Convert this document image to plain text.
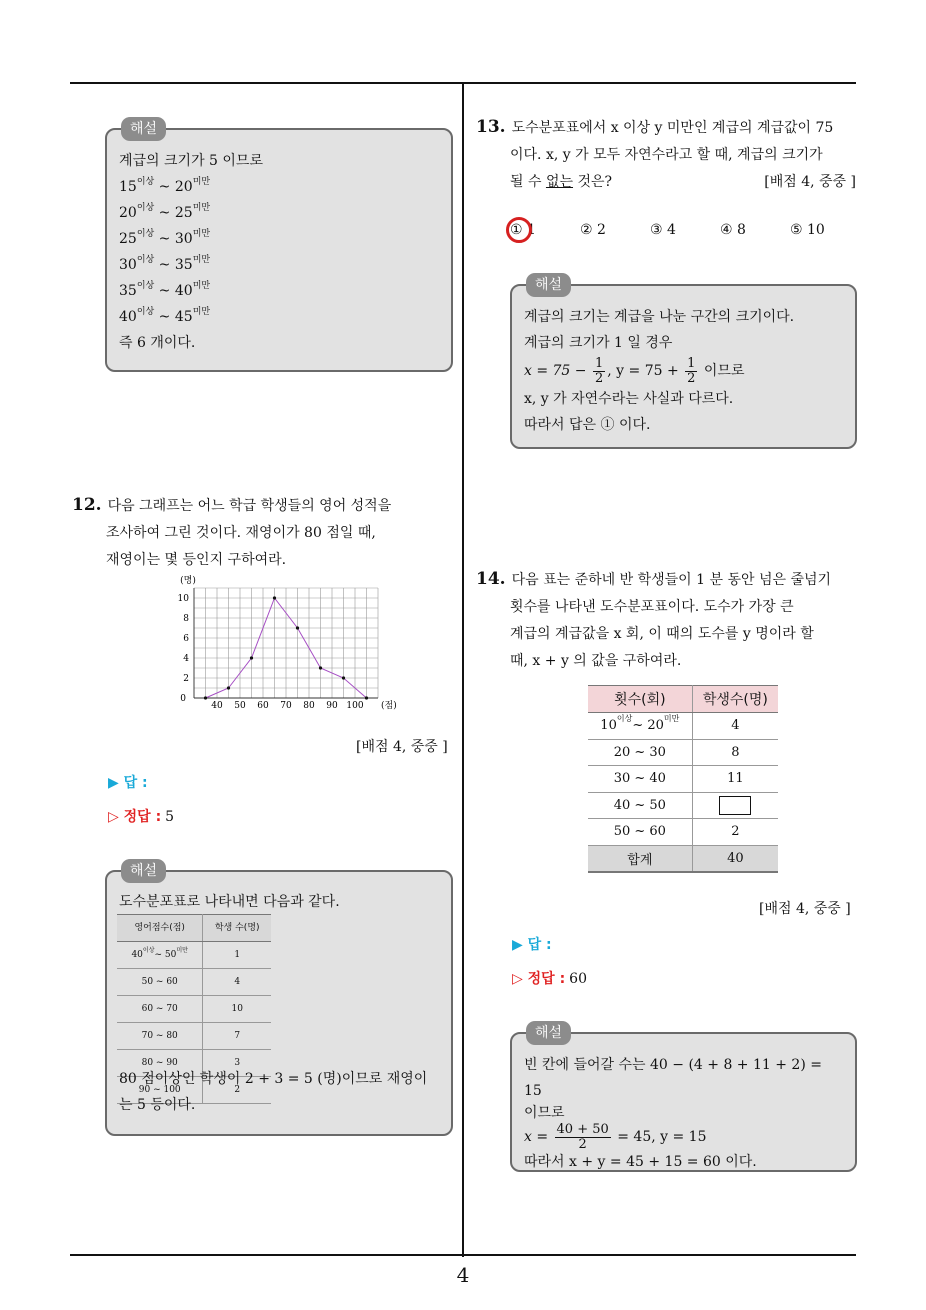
4
해설
계급의 크기가 5 이므로
$15^{이상}$ ~ $20^{미만}$
$20^{이상}$ ~ $25^{미만}$
$25^{이상}$ ~ $30^{미만}$
$30^{이상}$ ~ $35^{미만}$
$35^{이상}$ ~ $40^{미만}$
$40^{이상}$ ~ $45^{미만}$
즉 6 개이다.
12. 다음 그래프는 어느 학급 학생들의 영어 성적을
조사하여 그린 것이다. 재영이가 80 점일 때,
재영이는 몇 등인지 구하여라.
2
4
6
8
10
40 50 60 70 80 90 100
0
(명)
(점)
[배점 4, 중중 ]
▶ 답 :
▷ 정답 : 5
해설
도수분포표로 나타내면 다음과 같다.
영어점수(점)	학생 수(명)
$40^{이상}\sim$ $50^{미만}$	1
50 ~ 60	4
60 ~ 70	10
70 ~ 80	7
80 ~ 90	3
90 ~ 100	2
80 점이상인 학생이 2 + 3 = 5 (명)이므로 재영이
는 5 등이다.
13. 도수분포표에서 x 이상 y 미만인 계급의 계급값이 75
이다. x, y 가 모두 자연수라고 할 때, 계급의 크기가
될 수 없는 것은?	[배점 4, 중중 ]
① 1	② 2	③ 4	④ 8	⑤ 10
해설
계급의 크기는 계급을 나눈 구간의 크기이다.
계급의 크기가 1 일 경우
$x = 75 - \frac{1}{2}$ , $y = 75 + \frac{1}{2}$ 이므로
x, y 가 자연수라는 사실과 다르다.
따라서 답은 ① 이다.
14. 다음 표는 준하네 반 학생들이 1 분 동안 넘은 줄넘기
횟수를 나타낸 도수분포표이다. 도수가 가장 큰
계급의 계급값을 x 회, 이 때의 도수를 y 명이라 할
때, x + y 의 값을 구하여라.
횟수(회)	학생수(명)
$10^{이상}\sim$ $20^{미만}$	4
20 ~ 30	8
30 ~ 40	11
40 ~ 50	
50 ~ 60	2
합계	40
[배점 4, 중중 ]
▶ 답 :
▷ 정답 : 60
해설
빈 칸에 들어갈 수는 40 − (4 + 8 + 11 + 2) = 15
이므로
$x = \frac{40 + 50}{2} = 45$, y = 15
따라서 x + y = 45 + 15 = 60 이다.
